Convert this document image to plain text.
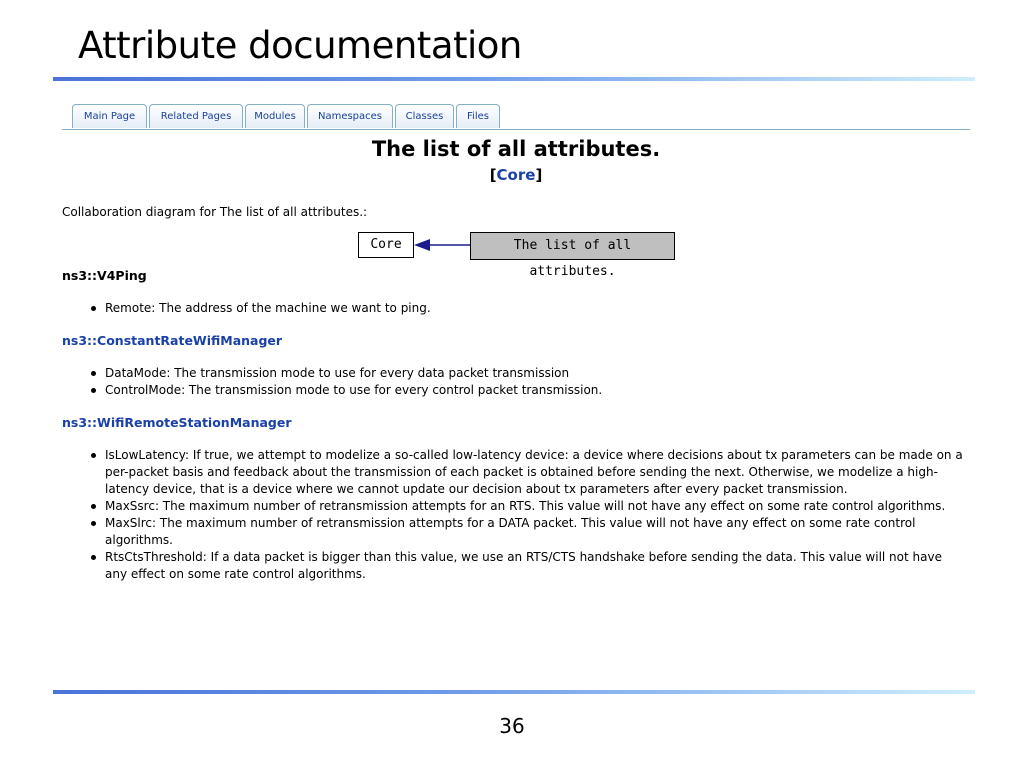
Attribute documentation
Main Page	Related Pages	Modules	Namespaces	Classes	Files
The list of all attributes.
[Core]
Collaboration diagram for The list of all attributes.:
Core	The list of all attributes.
ns3::V4Ping
Remote: The address of the machine we want to ping.
ns3::ConstantRateWifiManager
DataMode: The transmission mode to use for every data packet transmission
ControlMode: The transmission mode to use for every control packet transmission.
ns3::WifiRemoteStationManager
IsLowLatency: If true, we attempt to modelize a so-called low-latency device: a device where decisions about tx parameters can be made on a per-packet basis and feedback about the transmission of each packet is obtained before sending the next. Otherwise, we modelize a high-latency device, that is a device where we cannot update our decision about tx parameters after every packet transmission.
MaxSsrc: The maximum number of retransmission attempts for an RTS. This value will not have any effect on some rate control algorithms.
MaxSlrc: The maximum number of retransmission attempts for a DATA packet. This value will not have any effect on some rate control algorithms.
RtsCtsThreshold: If a data packet is bigger than this value, we use an RTS/CTS handshake before sending the data. This value will not have any effect on some rate control algorithms.
36
